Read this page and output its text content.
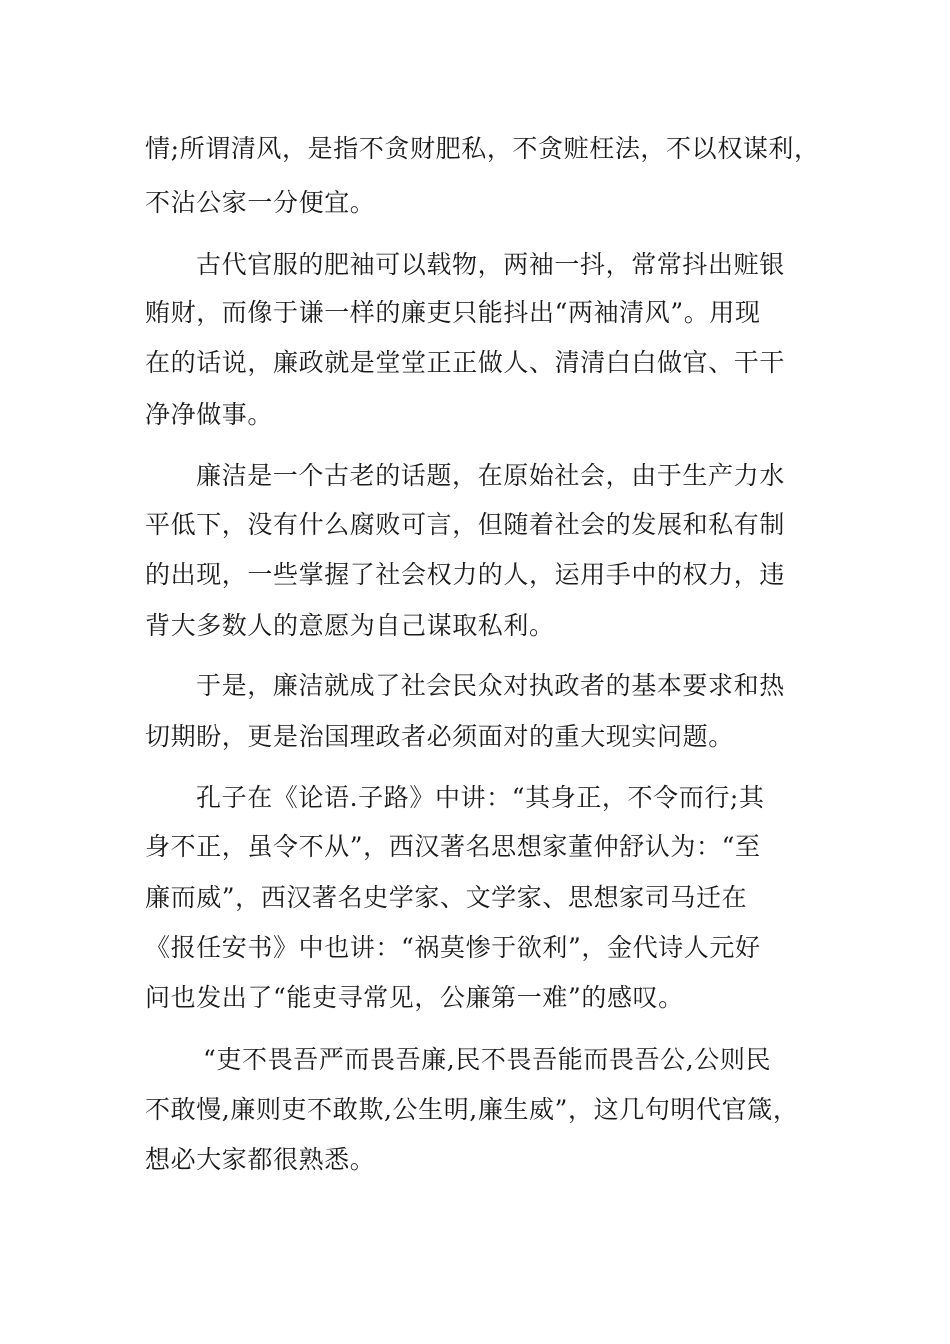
情;所谓清风，是指不贪财肥私，不贪赃枉法，不以权谋利，

不沾公家一分便宜。

古代官服的肥袖可以载物，两袖一抖，常常抖出赃银

贿财，而像于谦一样的廉吏只能抖出“两袖清风”。用现

在的话说，廉政就是堂堂正正做人、清清白白做官、干干

净净做事。

廉洁是一个古老的话题，在原始社会，由于生产力水

平低下，没有什么腐败可言，但随着社会的发展和私有制

的出现，一些掌握了社会权力的人，运用手中的权力，违

背大多数人的意愿为自己谋取私利。

于是，廉洁就成了社会民众对执政者的基本要求和热

切期盼，更是治国理政者必须面对的重大现实问题。

孔子在《论语.子路》中讲：“其身正，不令而行;其

身不正，虽令不从”，西汉著名思想家董仲舒认为：“至

廉而威”，西汉著名史学家、文学家、思想家司马迁在

《报任安书》中也讲：“祸莫惨于欲利”，金代诗人元好

问也发出了“能吏寻常见，公廉第一难”的感叹。

“吏不畏吾严而畏吾廉,民不畏吾能而畏吾公,公则民

不敢慢,廉则吏不敢欺,公生明,廉生威”，这几句明代官箴，

想必大家都很熟悉。
